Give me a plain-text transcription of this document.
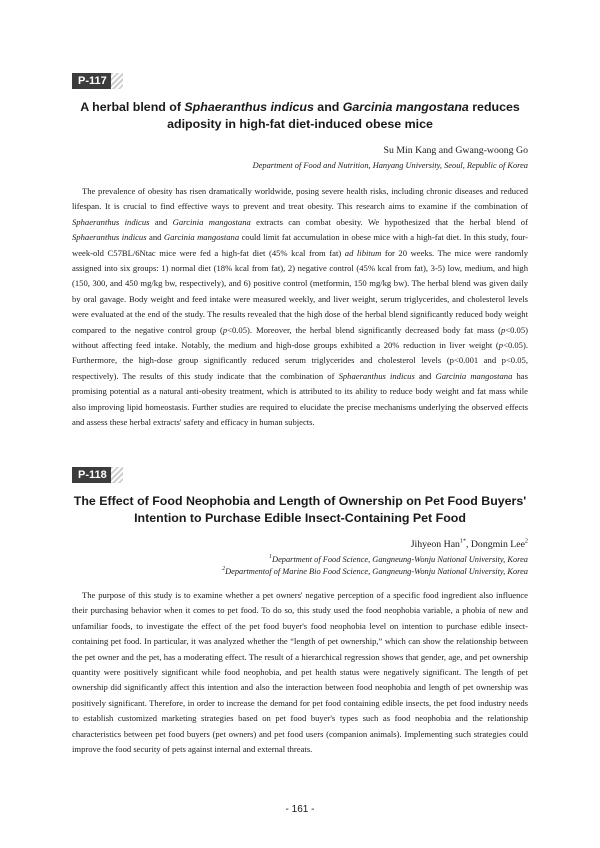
P-117

A herbal blend of Sphaeranthus indicus and Garcinia mangostana reduces
adiposity in high-fat diet-induced obese mice

Su Min Kang and Gwang-woong Go

Department of Food and Nutrition, Hanyang University, Seoul, Republic of Korea

The prevalence of obesity has risen dramatically worldwide, posing severe health risks, including chronic diseases and reduced lifespan. It is crucial to find effective ways to prevent and treat obesity. This research aims to examine if the combination of Sphaeranthus indicus and Garcinia mangostana extracts can combat obesity. We hypothesized that the herbal blend of Sphaeranthus indicus and Garcinia mangostana could limit fat accumulation in obese mice with a high-fat diet. In this study, four-week-old C57BL/6Ntac mice were fed a high-fat diet (45% kcal from fat) ad libitum for 20 weeks. The mice were randomly assigned into six groups: 1) normal diet (18% kcal from fat), 2) negative control (45% kcal from fat), 3-5) low, medium, and high (150, 300, and 450 mg/kg bw, respectively), and 6) positive control (metformin, 150 mg/kg bw). The herbal blend was given daily by oral gavage. Body weight and feed intake were measured weekly, and liver weight, serum triglycerides, and cholesterol levels were evaluated at the end of the study. The results revealed that the high dose of the herbal blend significantly reduced body weight compared to the negative control group (p<0.05). Moreover, the herbal blend significantly decreased body fat mass (p<0.05) without affecting feed intake. Notably, the medium and high-dose groups exhibited a 20% reduction in liver weight (p<0.05). Furthermore, the high-dose group significantly reduced serum triglycerides and cholesterol levels (p<0.001 and p<0.05, respectively). The results of this study indicate that the combination of Sphaeranthus indicus and Garcinia mangostana has promising potential as a natural anti-obesity treatment, which is attributed to its ability to reduce body weight and fat mass while also improving lipid homeostasis. Further studies are required to elucidate the precise mechanisms underlying the observed effects and assess these herbal extracts' safety and efficacy in human subjects.

P-118

The Effect of Food Neophobia and Length of Ownership on Pet Food Buyers'
Intention to Purchase Edible Insect-Containing Pet Food

Jihyeon Han$^{1*}$, Dongmin Lee$^2$

$^1$Department of Food Science, Gangneung-Wonju National University, Korea

$^2$Departmentof of Marine Bio Food Science, Gangneung-Wonju National University, Korea

The purpose of this study is to examine whether a pet owners' negative perception of a specific food ingredient also influence their purchasing behavior when it comes to pet food. To do so, this study used the food neophobia variable, a phobia of new and unfamiliar foods, to investigate the effect of the pet food buyer's food neophobia level on intention to purchase edible insect-containing pet food. In particular, it was analyzed whether the “length of pet ownership,” which can show the relationship between the pet owner and the pet, has a moderating effect. The result of a hierarchical regression shows that gender, age, and pet ownership quantity were positively significant while food neophobia, and pet health status were negatively significant. The length of pet ownership did significantly affect this intention and also the interaction between food neophobia and length of pet ownership was positively significant. Therefore, in order to increase the demand for pet food containing edible insects, the pet food industry needs to establish customized marketing strategies based on pet food buyer's types such as food neophobia and the relationship characteristics between pet food buyers (pet owners) and pet food users (companion animals). Implementing such strategies could improve the food security of pets against internal and external threats.

- 161 -
